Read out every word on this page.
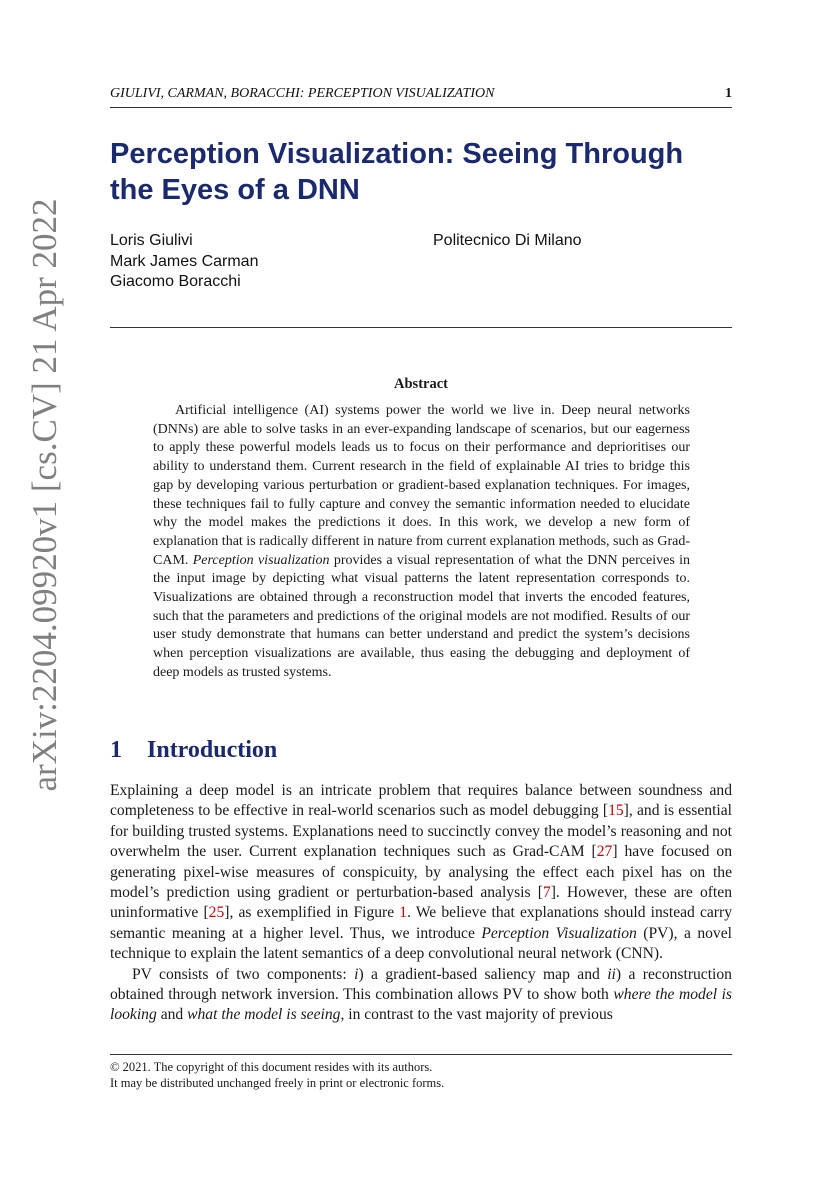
arXiv:2204.09920v1 [cs.CV] 21 Apr 2022
GIULIVI, CARMAN, BORACCHI: PERCEPTION VISUALIZATION	1
Perception Visualization: Seeing Through
the Eyes of a DNN
Loris Giulivi
Mark James Carman
Giacomo Boracchi
Politecnico Di Milano
Abstract

Artificial intelligence (AI) systems power the world we live in. Deep neural networks (DNNs) are able to solve tasks in an ever-expanding landscape of scenarios, but our eagerness to apply these powerful models leads us to focus on their performance and deprioritises our ability to understand them. Current research in the field of explainable AI tries to bridge this gap by developing various perturbation or gradient-based explanation techniques. For images, these techniques fail to fully capture and convey the semantic information needed to elucidate why the model makes the predictions it does. In this work, we develop a new form of explanation that is radically different in nature from current explanation methods, such as Grad-CAM. Perception visualization provides a visual representation of what the DNN perceives in the input image by depicting what visual patterns the latent representation corresponds to. Visualizations are obtained through a reconstruction model that inverts the encoded features, such that the parameters and predictions of the original models are not modified. Results of our user study demonstrate that humans can better understand and predict the system’s decisions when perception visualizations are available, thus easing the debugging and deployment of deep models as trusted systems.

1 Introduction

Explaining a deep model is an intricate problem that requires balance between soundness and completeness to be effective in real-world scenarios such as model debugging [15], and is essential for building trusted systems. Explanations need to succinctly convey the model’s reasoning and not overwhelm the user. Current explanation techniques such as Grad-CAM [27] have focused on generating pixel-wise measures of conspicuity, by analysing the effect each pixel has on the model’s prediction using gradient or perturbation-based analysis [7]. However, these are often uninformative [25], as exemplified in Figure 1. We believe that explanations should instead carry semantic meaning at a higher level. Thus, we introduce Perception Visualization (PV), a novel technique to explain the latent semantics of a deep convolutional neural network (CNN).

PV consists of two components: i) a gradient-based saliency map and ii) a reconstruction obtained through network inversion. This combination allows PV to show both where the model is looking and what the model is seeing, in contrast to the vast majority of previous

© 2021. The copyright of this document resides with its authors.
It may be distributed unchanged freely in print or electronic forms.
